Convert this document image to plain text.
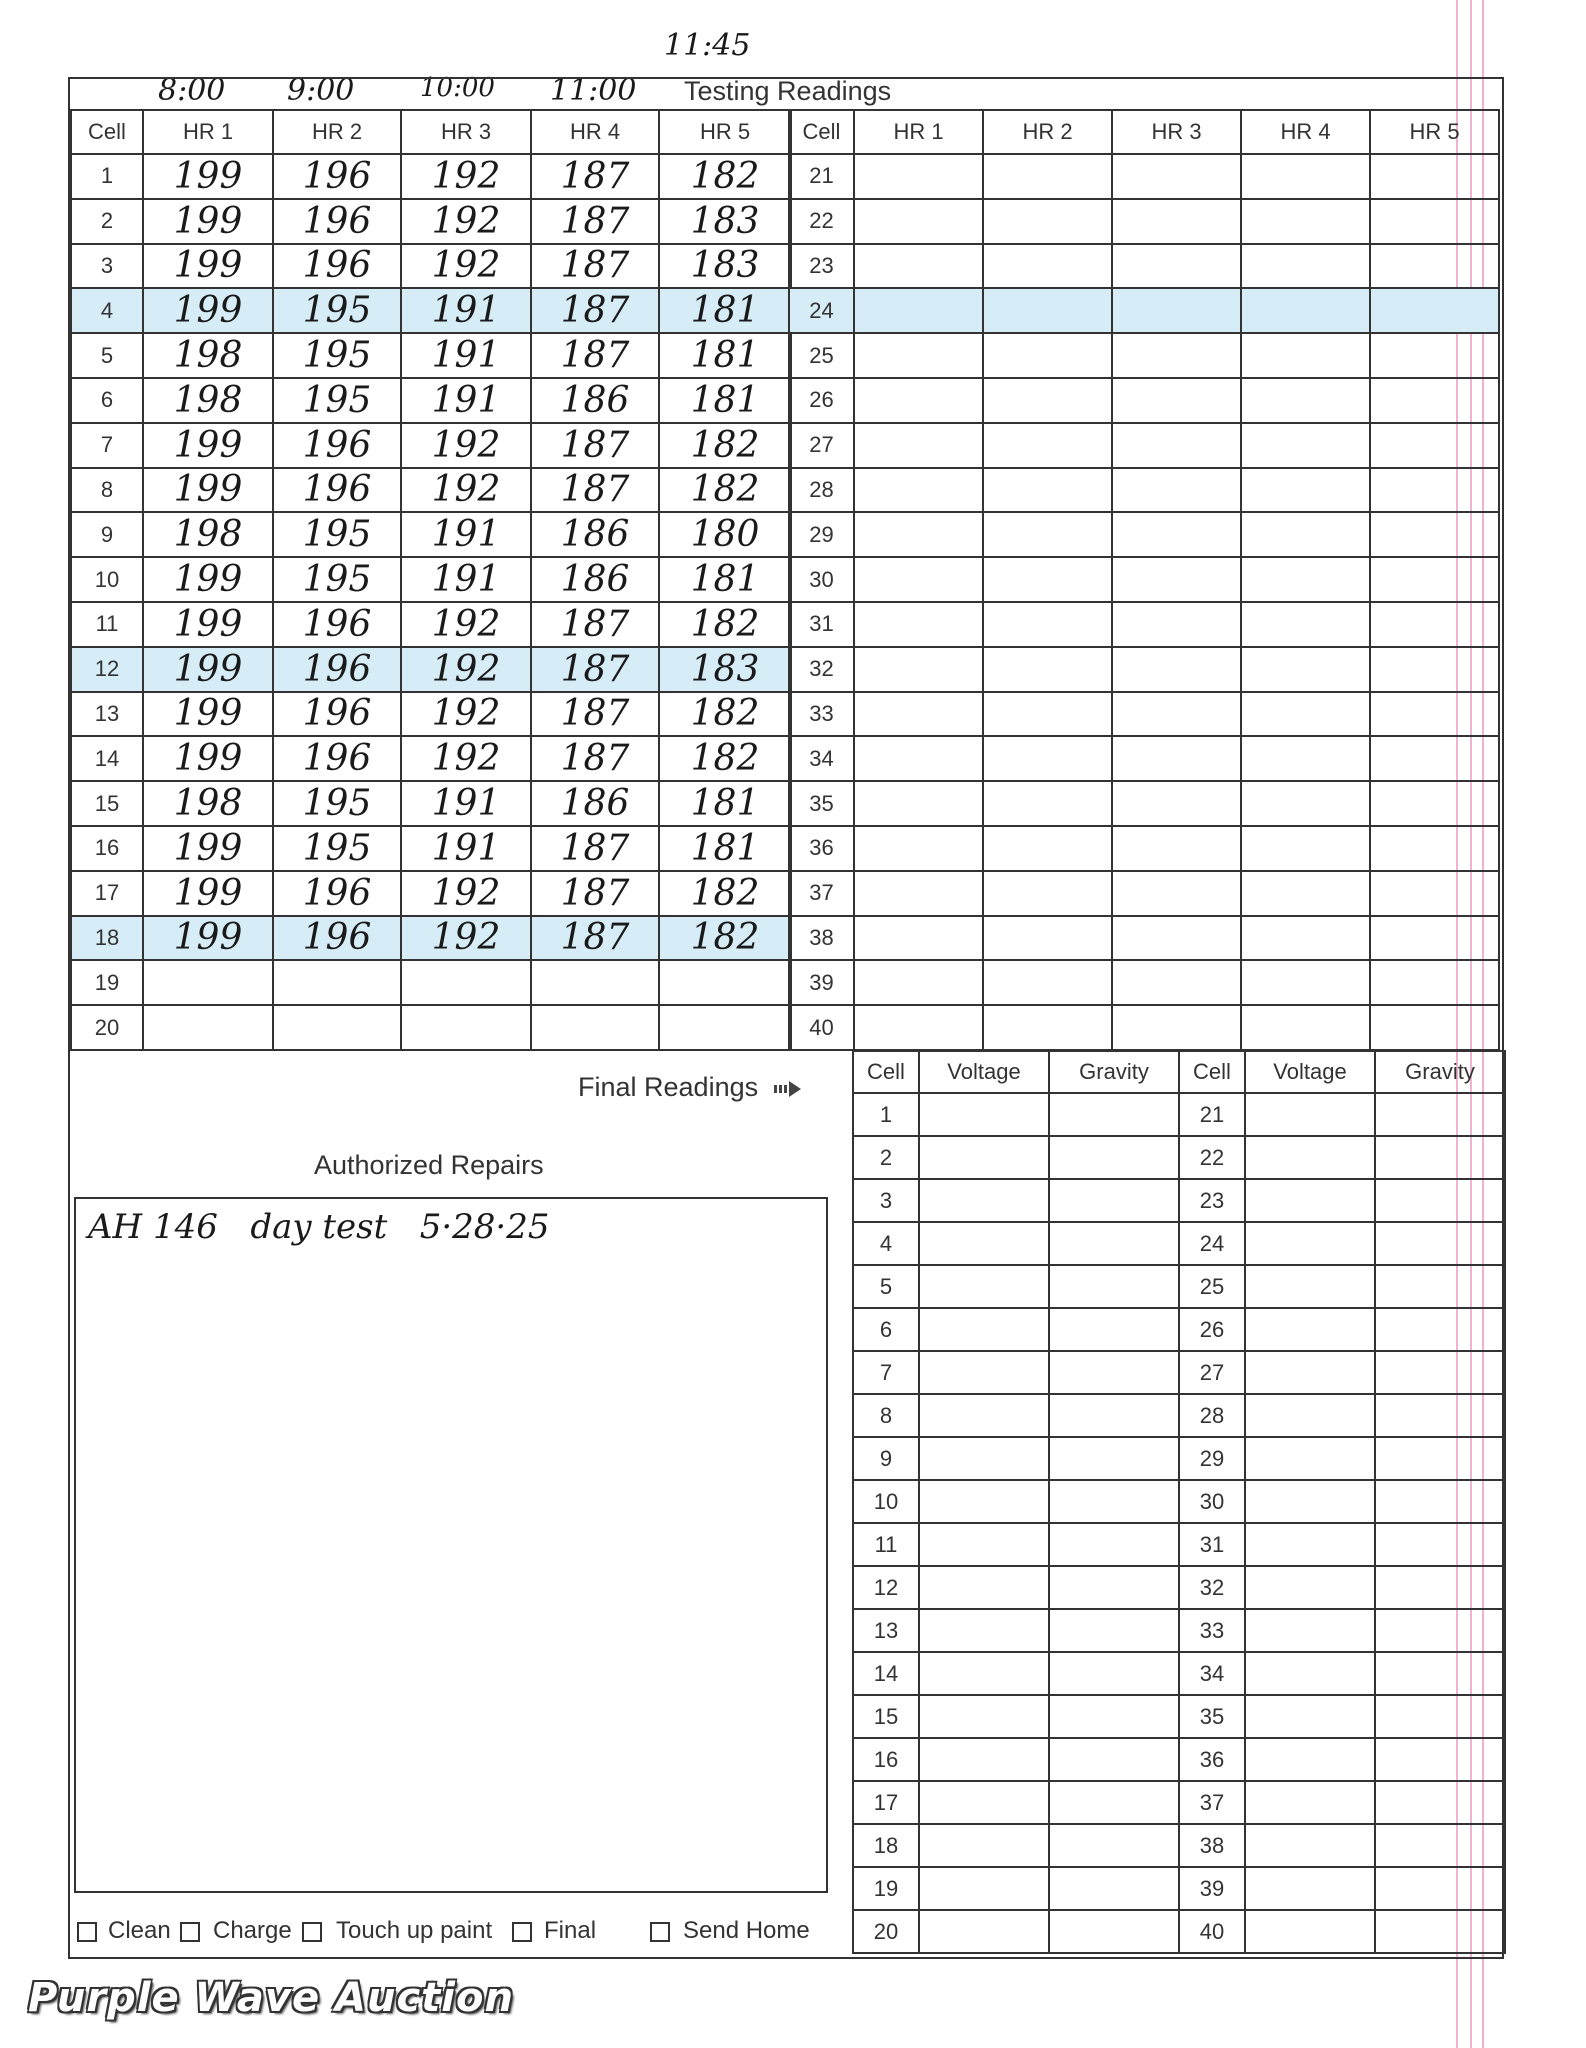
11:45
8:00 9:00	10:00 11:00 Testing Readings
Cell	HR 1	HR 2	HR 3	HR 4	HR 5
1	199	196	192	187	182
2	199	196	192	187	183
3	199	196	192	187	183
4	199	195	191	187	181
5	198	195	191	187	181
6	198	195	191	186	181
7	199	196	192	187	182
8	199	196	192	187	182
9	198	195	191	186	180
10	199	195	191	186	181
11	199	196	192	187	182
12	199	196	192	187	183
13	199	196	192	187	182
14	199	196	192	187	182
15	198	195	191	186	181
16	199	195	191	187	181
17	199	196	192	187	182
18	199	196	192	187	182
19					
20					
Cell	HR 1	HR 2	HR 3	HR 4	HR 5
21					
22					
23					
24					
25					
26					
27					
28					
29					
30					
31					
32					
33					
34					
35					
36					
37					
38					
39					
40					
Final Readings
Cell	Voltage	Gravity	Cell	Voltage	Gravity
1			21		
2			22		
3			23		
4			24		
5			25		
6			26		
7			27		
8			28		
9			29		
10			30		
11			31		
12			32		
13			33		
14			34		
15			35		
16			36		
17			37		
18			38		
19			39		
20			40		
Authorized Repairs
AH 146   day test   5·28·25
Clean Charge Touch up paint Final	Send Home
Purple Wave Auction
